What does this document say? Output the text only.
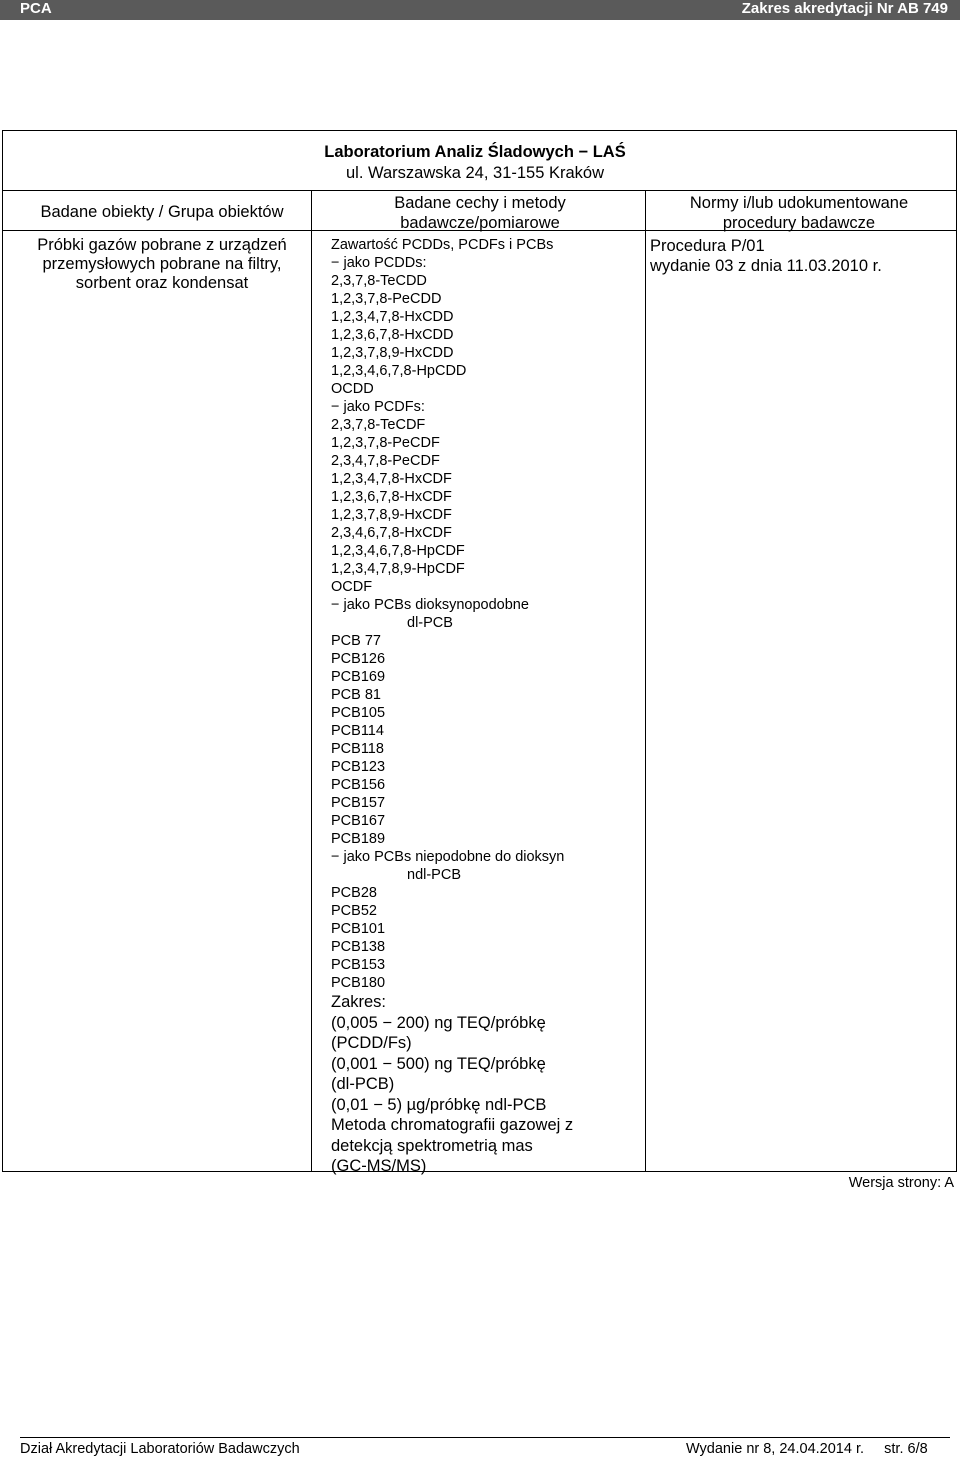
PCA	Zakres akredytacji Nr AB 749
Laboratorium Analiz Śladowych − LAŚ
ul. Warszawska 24, 31-155 Kraków
Badane obiekty / Grupa obiektów
Próbki gazów pobrane z urządzeń
przemysłowych pobrane na filtry,
sorbent oraz kondensat
Badane cechy i metody
badawcze/pomiarowe
Normy i/lub udokumentowane
procedury badawcze
Procedura P/01
wydanie 03 z dnia 11.03.2010 r.
Zawartość PCDDs, PCDFs i PCBs
− jako PCDDs:
2,3,7,8-TeCDD
1,2,3,7,8-PeCDD
1,2,3,4,7,8-HxCDD
1,2,3,6,7,8-HxCDD
1,2,3,7,8,9-HxCDD
1,2,3,4,6,7,8-HpCDD
OCDD
− jako PCDFs:
2,3,7,8-TeCDF
1,2,3,7,8-PeCDF
2,3,4,7,8-PeCDF
1,2,3,4,7,8-HxCDF
1,2,3,6,7,8-HxCDF
1,2,3,7,8,9-HxCDF
2,3,4,6,7,8-HxCDF
1,2,3,4,6,7,8-HpCDF
1,2,3,4,7,8,9-HpCDF
OCDF
− jako PCBs dioksynopodobne
dl-PCB
PCB 77
PCB126
PCB169
PCB 81
PCB105
PCB114
PCB118
PCB123
PCB156
PCB157
PCB167
PCB189
− jako PCBs niepodobne do dioksyn
ndl-PCB
PCB28
PCB52
PCB101
PCB138
PCB153
PCB180
Zakres:
(0,005 − 200) ng TEQ/próbkę
(PCDD/Fs)
(0,001 − 500) ng TEQ/próbkę
(dl-PCB)
(0,01 − 5) µg/próbkę ndl-PCB
Metoda chromatografii gazowej z
detekcją spektrometrią mas
(GC-MS/MS)
Wersja strony: A
Dział Akredytacji Laboratoriów Badawczych	Wydanie nr 8, 24.04.2014 r.     str. 6/8
